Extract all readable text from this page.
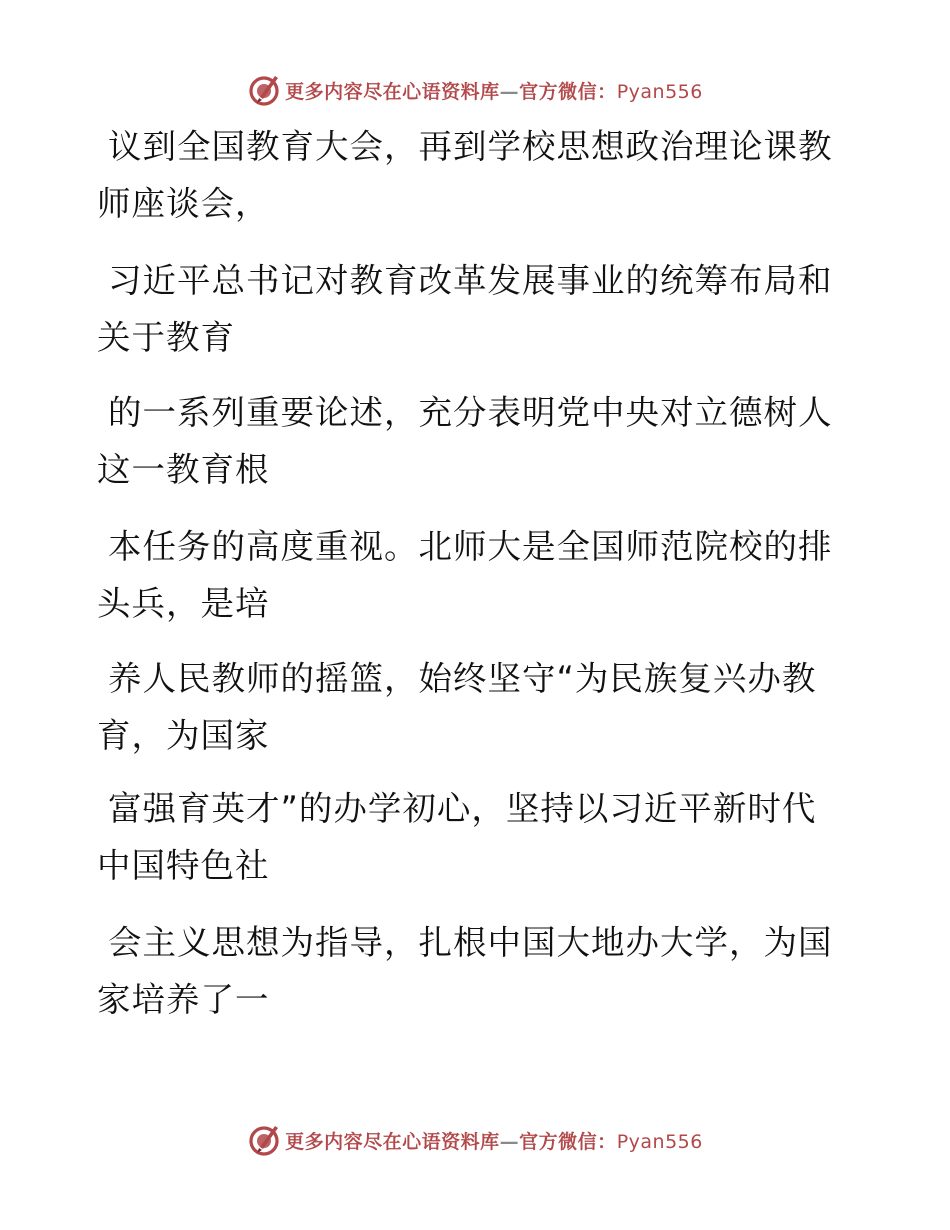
更多内容尽在心语资料库—官方微信：Pyan556
议到全国教育大会，再到学校思想政治理论课教
师座谈会，
习近平总书记对教育改革发展事业的统筹布局和
关于教育
的一系列重要论述，充分表明党中央对立德树人
这一教育根
本任务的高度重视。北师大是全国师范院校的排
头兵，是培
养人民教师的摇篮，始终坚守“为民族复兴办教
育，为国家
富强育英才”的办学初心，坚持以习近平新时代
中国特色社
会主义思想为指导，扎根中国大地办大学，为国
家培养了一
更多内容尽在心语资料库—官方微信：Pyan556
